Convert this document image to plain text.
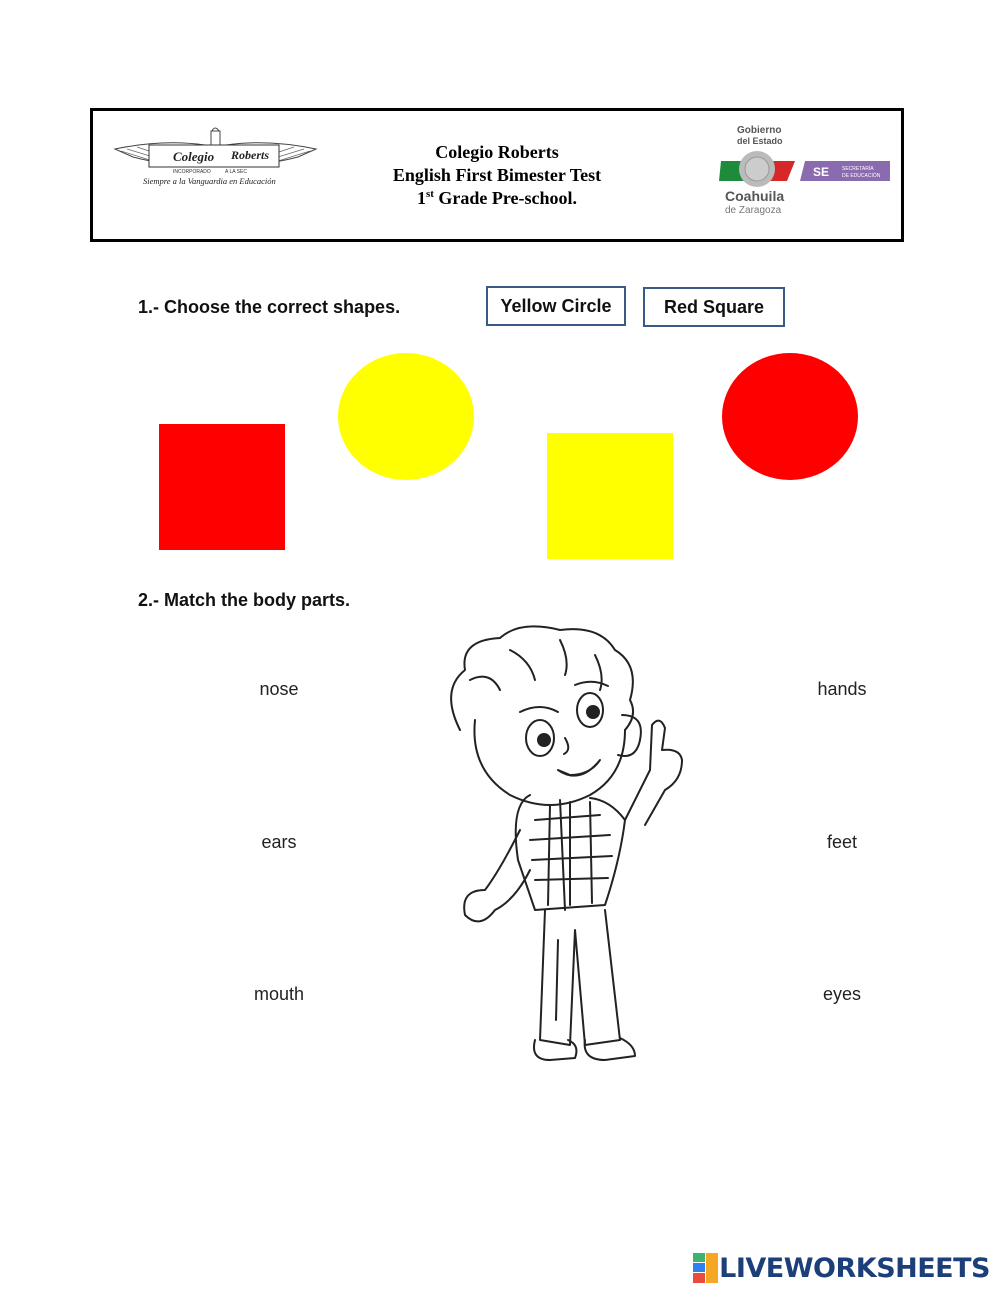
Colegio Roberts
INCORPORADO	A LA SEC
Siempre a la Vanguardia en Educación
Colegio Roberts
English First Bimester Test
1st Grade Pre-school.
Gobierno
del Estado
SE	SECRETARÍA
DE EDUCACIÓN
Coahuila
de Zaragoza
1.- Choose the correct shapes.	Yellow Circle	Red Square
2.- Match the body parts.
nose
ears
mouth
hands
feet
eyes
LIVEWORKSHEETS
